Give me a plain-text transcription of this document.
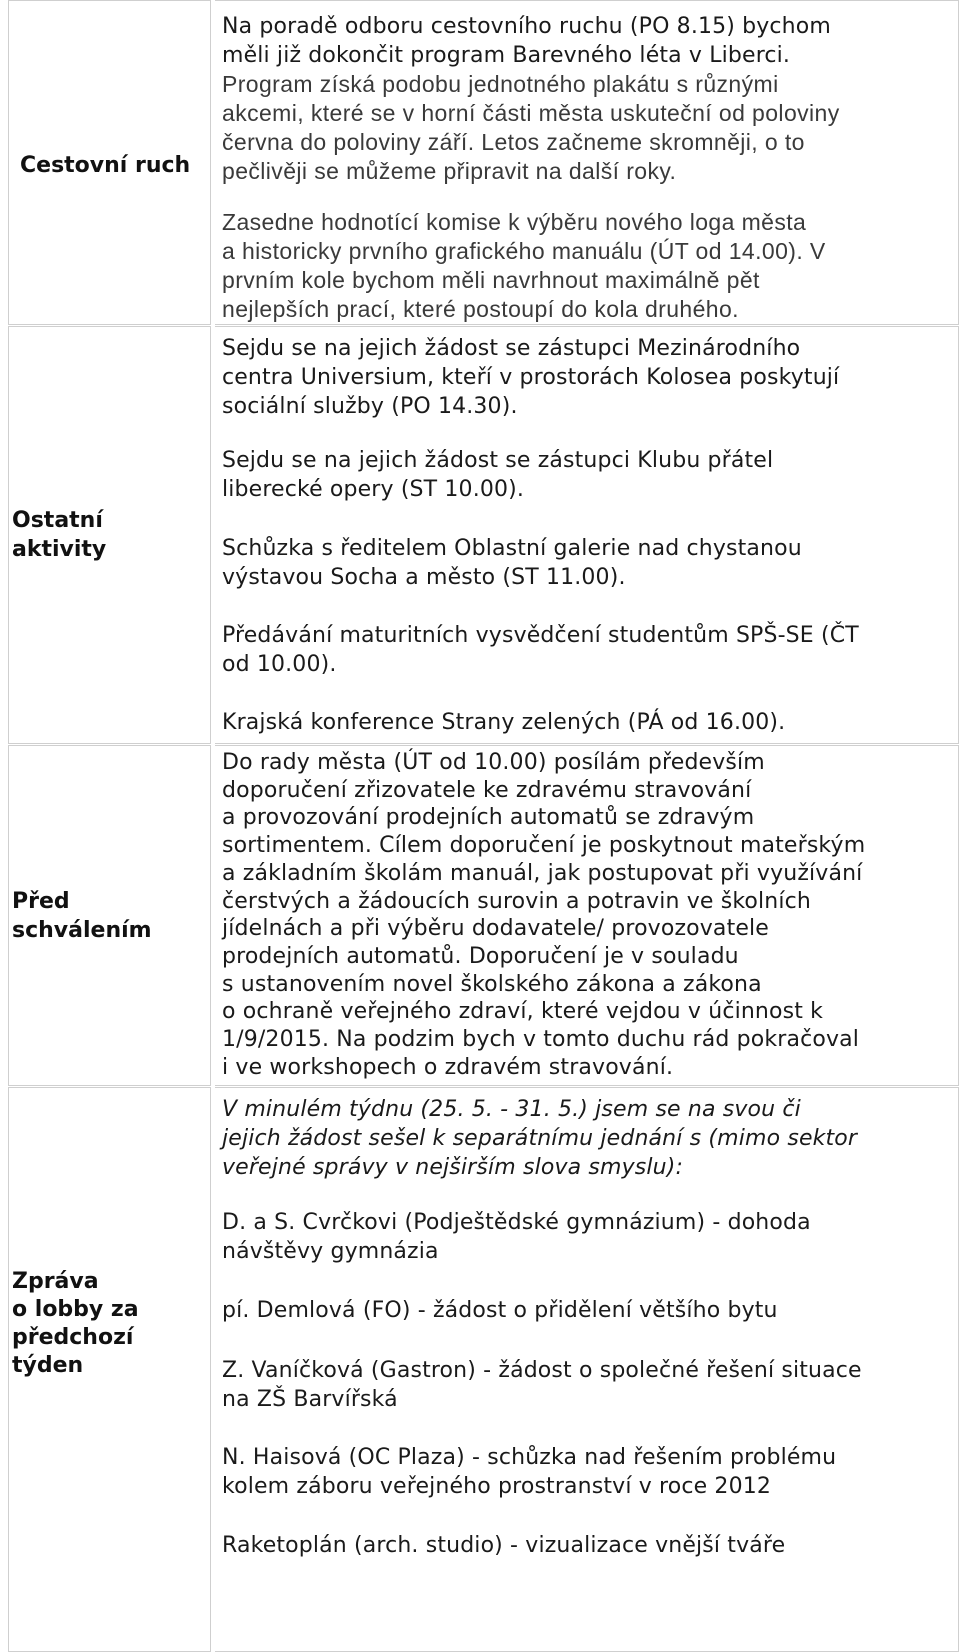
Cestovní ruch
Na poradě odboru cestovního ruchu (PO 8.15) bychom
měli již dokončit program Barevného léta v Liberci.
Program získá podobu jednotného plakátu s různými
akcemi, které se v horní části města uskuteční od poloviny
června do poloviny září. Letos začneme skromněji, o to
pečlivěji se můžeme připravit na další roky.
Zasedne hodnotící komise k výběru nového loga města
a historicky prvního grafického manuálu (ÚT od 14.00). V
prvním kole bychom měli navrhnout maximálně pět
nejlepších prací, které postoupí do kola druhého.
Ostatní
aktivity
Sejdu se na jejich žádost se zástupci Mezinárodního
centra Universium, kteří v prostorách Kolosea poskytují
sociální služby (PO 14.30).
Sejdu se na jejich žádost se zástupci Klubu přátel
liberecké opery (ST 10.00).
Schůzka s ředitelem Oblastní galerie nad chystanou
výstavou Socha a město (ST 11.00).
Předávání maturitních vysvědčení studentům SPŠ-SE (ČT
od 10.00).
Krajská konference Strany zelených (PÁ od 16.00).
Před
schválením
Do rady města (ÚT od 10.00) posílám především
doporučení zřizovatele ke zdravému stravování
a provozování prodejních automatů se zdravým
sortimentem. Cílem doporučení je poskytnout mateřským
a základním školám manuál, jak postupovat při využívání
čerstvých a žádoucích surovin a potravin ve školních
jídelnách a při výběru dodavatele/ provozovatele
prodejních automatů. Doporučení je v souladu
s ustanovením novel školského zákona a zákona
o ochraně veřejného zdraví, které vejdou v účinnost k
1/9/2015. Na podzim bych v tomto duchu rád pokračoval
i ve workshopech o zdravém stravování.
Zpráva
o lobby za
předchozí
týden
V minulém týdnu (25. 5. - 31. 5.) jsem se na svou či
jejich žádost sešel k separátnímu jednání s (mimo sektor
veřejné správy v nejširším slova smyslu):
D. a S. Cvrčkovi (Podještědské gymnázium) - dohoda
návštěvy gymnázia
pí. Demlová (FO) - žádost o přidělení většího bytu
Z. Vaníčková (Gastron) - žádost o společné řešení situace
na ZŠ Barvířská
N. Haisová (OC Plaza) - schůzka nad řešením problému
kolem záboru veřejného prostranství v roce 2012
Raketoplán (arch. studio) - vizualizace vnější tváře
